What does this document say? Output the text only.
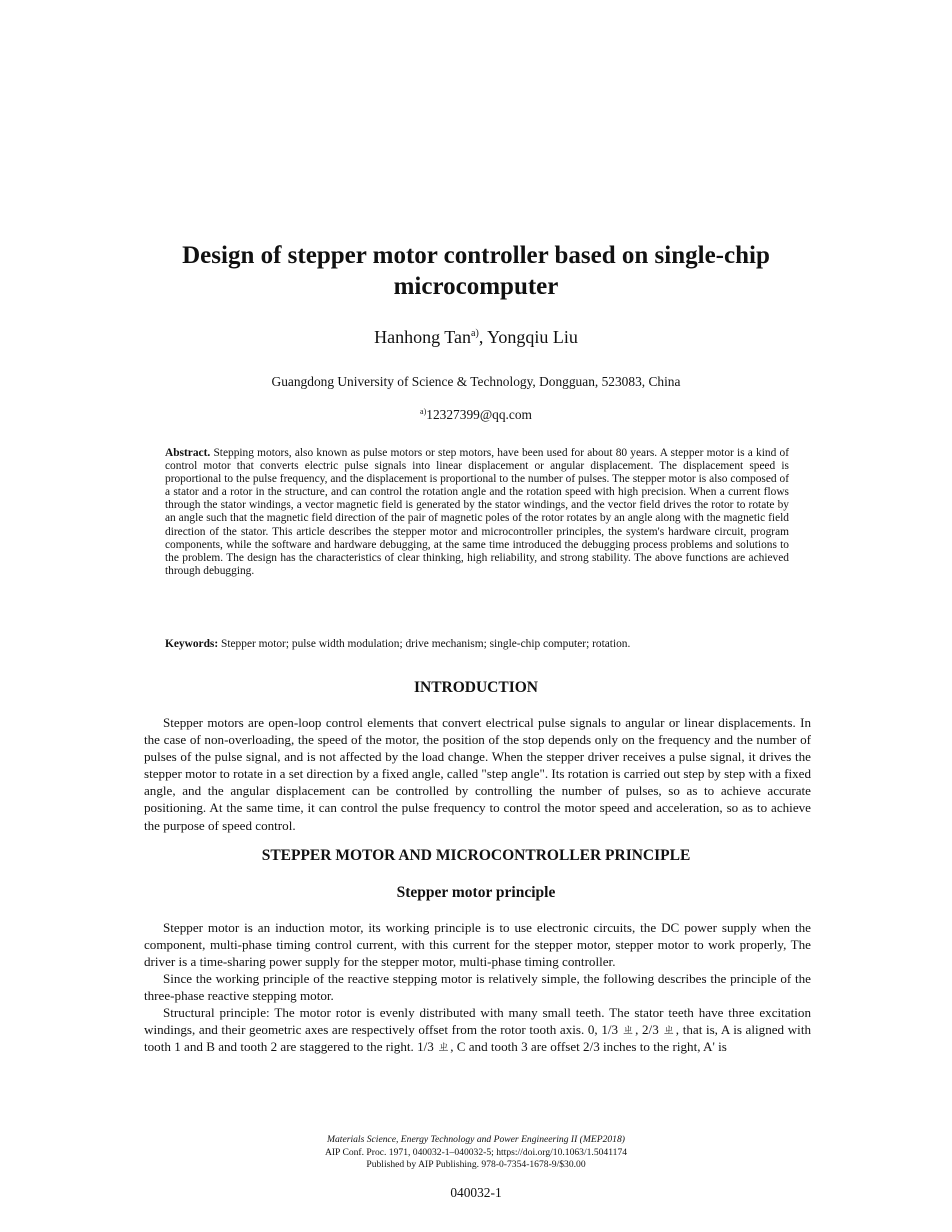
Design of stepper motor controller based on single-chip microcomputer
Hanhong Tan$^{a)}$, Yongqiu Liu
Guangdong University of Science & Technology, Dongguan, 523083, China
$^{a)}$12327399@qq.com
Abstract. Stepping motors, also known as pulse motors or step motors, have been used for about 80 years. A stepper motor is a kind of control motor that converts electric pulse signals into linear displacement or angular displacement. The displacement speed is proportional to the pulse frequency, and the displacement is proportional to the number of pulses. The stepper motor is also composed of a stator and a rotor in the structure, and can control the rotation angle and the rotation speed with high precision. When a current flows through the stator windings, a vector magnetic field is generated by the stator windings, and the vector field drives the rotor to rotate by an angle such that the magnetic field direction of the pair of magnetic poles of the rotor rotates by an angle along with the magnetic field direction of the stator. This article describes the stepper motor and microcontroller principles, the system's hardware circuit, program components, while the software and hardware debugging, at the same time introduced the debugging process problems and solutions to the problem. The design has the characteristics of clear thinking, high reliability, and strong stability. The above functions are achieved through debugging.
Keywords: Stepper motor; pulse width modulation; drive mechanism; single-chip computer; rotation.
INTRODUCTION
Stepper motors are open-loop control elements that convert electrical pulse signals to angular or linear displacements. In the case of non-overloading, the speed of the motor, the position of the stop depends only on the frequency and the number of pulses of the pulse signal, and is not affected by the load change. When the stepper driver receives a pulse signal, it drives the stepper motor to rotate in a set direction by a fixed angle, called "step angle". Its rotation is carried out step by step with a fixed angle, and the angular displacement can be controlled by controlling the number of pulses, so as to achieve accurate positioning. At the same time, it can control the pulse frequency to control the motor speed and acceleration, so as to achieve the purpose of speed control.
STEPPER MOTOR AND MICROCONTROLLER PRINCIPLE
Stepper motor principle
Stepper motor is an induction motor, its working principle is to use electronic circuits, the DC power supply when the component, multi-phase timing control current, with this current for the stepper motor, stepper motor to work properly, The driver is a time-sharing power supply for the stepper motor, multi-phase timing controller.
Since the working principle of the reactive stepping motor is relatively simple, the following describes the principle of the three-phase reactive stepping motor.
Structural principle: The motor rotor is evenly distributed with many small teeth. The stator teeth have three excitation windings, and their geometric axes are respectively offset from the rotor tooth axis. 0, 1/3 ㄓ, 2/3 ㄓ, that is, A is aligned with tooth 1 and B and tooth 2 are staggered to the right. 1/3 ㄓ, C and tooth 3 are offset 2/3 inches to the right, A' is
Materials Science, Energy Technology and Power Engineering II (MEP2018)
AIP Conf. Proc. 1971, 040032-1–040032-5; https://doi.org/10.1063/1.5041174
Published by AIP Publishing. 978-0-7354-1678-9/$30.00
040032-1
